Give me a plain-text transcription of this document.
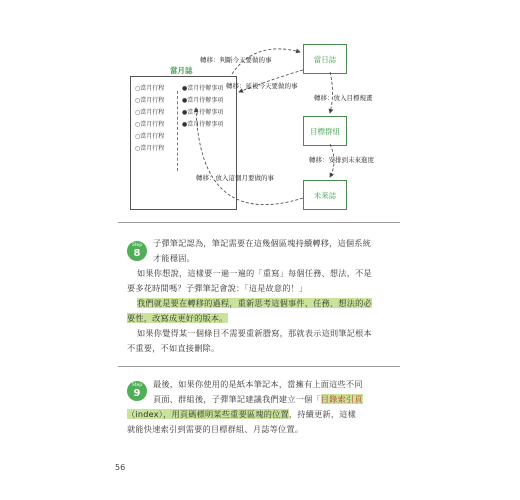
當月誌
○當月行程
○當月行程
○當月行程
○當月行程
○當月行程
○當月行程
●當月待辦事項
●當月待辦事項
●當月待辦事項
●當月待辦事項
當日誌
目標群組
未來誌
轉移：判斷今天要做的事
轉移：延後今天要做的事
轉移：放入目標規畫
轉移：安排到未來進度
轉移：放入這個月要做的事
Step
8
子彈筆記認為，筆記需要在這幾個區塊持續轉移，這個系統
才能穩固。
如果你想說，這樣要一遍一遍的「重寫」每個任務、想法，不是
要多花時間嗎？子彈筆記會說：「這是故意的！」
我們就是要在轉移的過程，重新思考這個事件、任務、想法的必
要性，改寫成更好的版本。
如果你覺得某一個條目不需要重新謄寫，那就表示這則筆記根本
不重要，不如直接刪除。
Step
9
最後，如果你使用的是紙本筆記本，當擁有上面這些不同
頁面、群組後，子彈筆記建議我們建立一個「目錄索引頁
（index），用頁碼標明某些重要區塊的位置，持續更新，這樣
就能快速索引到需要的目標群組、月誌等位置。
56
